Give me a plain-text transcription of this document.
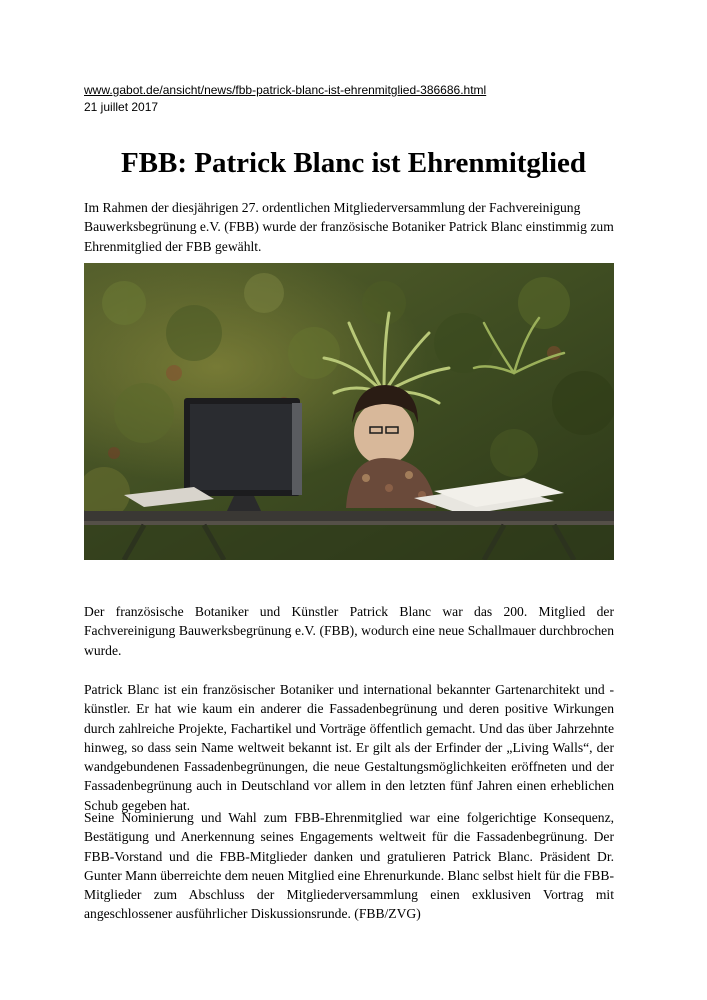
www.gabot.de/ansicht/news/fbb-patrick-blanc-ist-ehrenmitglied-386686.html
21 juillet 2017
FBB: Patrick Blanc ist Ehrenmitglied

Im Rahmen der diesjährigen 27. ordentlichen Mitgliederversammlung der Fachvereinigung Bauwerksbegrünung e.V. (FBB) wurde der französische Botaniker Patrick Blanc einstimmig zum Ehrenmitglied der FBB gewählt.

Der französische Botaniker und Künstler Patrick Blanc war das 200. Mitglied der Fachvereinigung Bauwerksbegrünung e.V. (FBB), wodurch eine neue Schallmauer durchbrochen wurde.

Patrick Blanc ist ein französischer Botaniker und international bekannter Gartenarchitekt und -künstler. Er hat wie kaum ein anderer die Fassadenbegrünung und deren positive Wirkungen durch zahlreiche Projekte, Fachartikel und Vorträge öffentlich gemacht. Und das über Jahrzehnte hinweg, so dass sein Name weltweit bekannt ist. Er gilt als der Erfinder der „Living Walls“, der wandgebundenen Fassadenbegrünungen, die neue Gestaltungsmöglichkeiten eröffneten und der Fassadenbegrünung auch in Deutschland vor allem in den letzten fünf Jahren einen erheblichen Schub gegeben hat.

Seine Nominierung und Wahl zum FBB-Ehrenmitglied war eine folgerichtige Konsequenz, Bestätigung und Anerkennung seines Engagements weltweit für die Fassadenbegrünung. Der FBB-Vorstand und die FBB-Mitglieder danken und gratulieren Patrick Blanc. Präsident Dr. Gunter Mann überreichte dem neuen Mitglied eine Ehrenurkunde. Blanc selbst hielt für die FBB-Mitglieder zum Abschluss der Mitgliederversammlung einen exklusiven Vortrag mit angeschlossener ausführlicher Diskussionsrunde. (FBB/ZVG)
